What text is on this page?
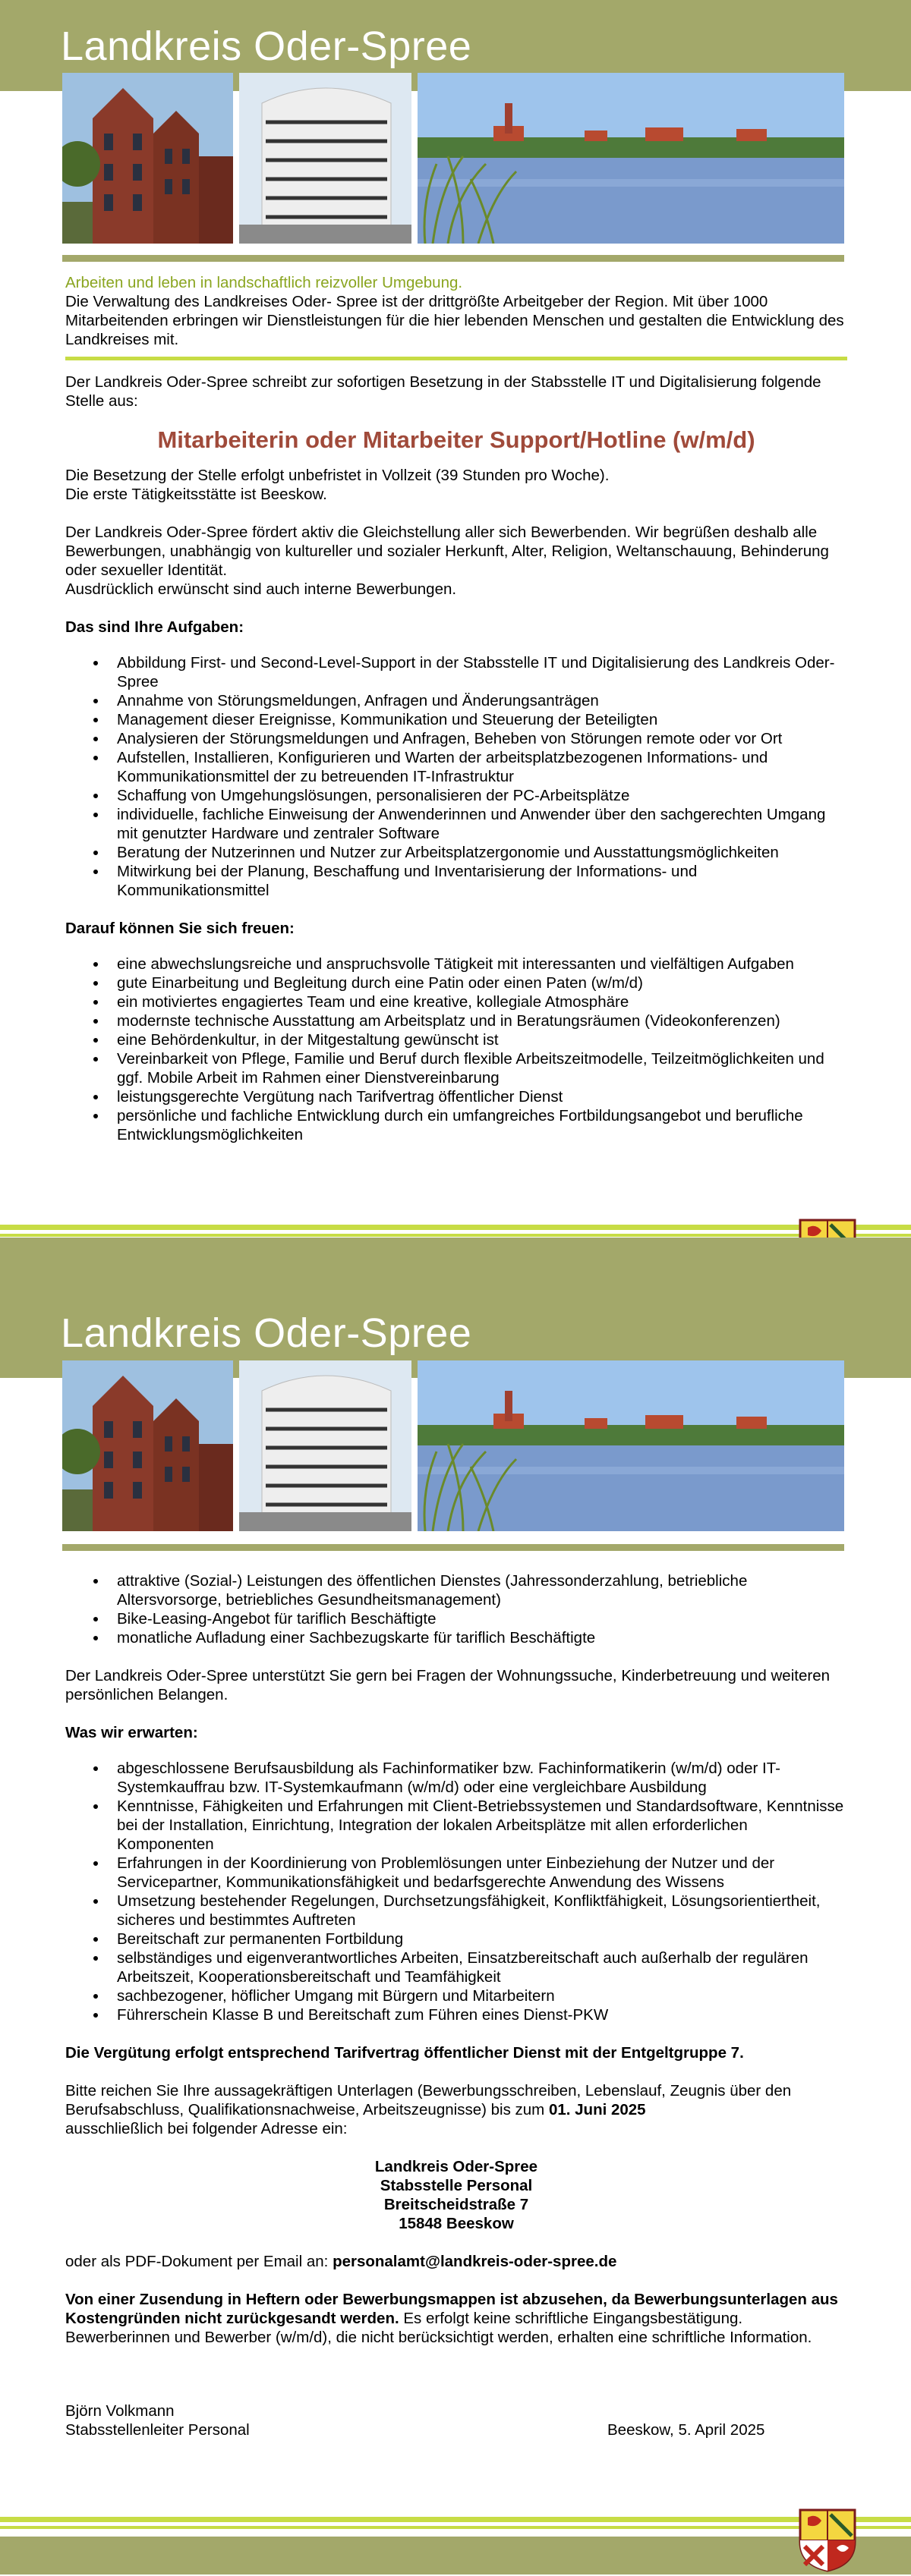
Landkreis Oder-Spree

Arbeiten und leben in landschaftlich reizvoller Umgebung.

Die Verwaltung des Landkreises Oder- Spree ist der drittgrößte Arbeitgeber der Region. Mit über 1000 Mitarbeitenden erbringen wir Dienstleistungen für die hier lebenden Menschen und gestalten die Entwicklung des Landkreises mit.

Der Landkreis Oder-Spree schreibt zur sofortigen Besetzung in der Stabsstelle IT und Digitalisierung folgende Stelle aus:

Mitarbeiterin oder Mitarbeiter Support/Hotline (w/m/d)

Die Besetzung der Stelle erfolgt unbefristet in Vollzeit (39 Stunden pro Woche).

Die erste Tätigkeitsstätte ist Beeskow.

Der Landkreis Oder-Spree fördert aktiv die Gleichstellung aller sich Bewerbenden. Wir begrüßen deshalb alle Bewerbungen, unabhängig von kultureller und sozialer Herkunft, Alter, Religion, Weltanschauung, Behinderung oder sexueller Identität.

Ausdrücklich erwünscht sind auch interne Bewerbungen.

Das sind Ihre Aufgaben:
• Abbildung First- und Second-Level-Support in der Stabsstelle IT und Digitalisierung des Landkreis Oder-Spree
• Annahme von Störungsmeldungen, Anfragen und Änderungsanträgen
• Management dieser Ereignisse, Kommunikation und Steuerung der Beteiligten
• Analysieren der Störungsmeldungen und Anfragen, Beheben von Störungen remote oder vor Ort
• Aufstellen, Installieren, Konfigurieren und Warten der arbeitsplatzbezogenen Informations- und Kommunikationsmittel der zu betreuenden IT-Infrastruktur
• Schaffung von Umgehungslösungen, personalisieren der PC-Arbeitsplätze
• individuelle, fachliche Einweisung der Anwenderinnen und Anwender über den sachgerechten Umgang mit genutzter Hardware und zentraler Software
• Beratung der Nutzerinnen und Nutzer zur Arbeitsplatzergonomie und Ausstattungsmöglichkeiten
• Mitwirkung bei der Planung, Beschaffung und Inventarisierung der Informations- und Kommunikationsmittel
Darauf können Sie sich freuen:
• eine abwechslungsreiche und anspruchsvolle Tätigkeit mit interessanten und vielfältigen Aufgaben
• gute Einarbeitung und Begleitung durch eine Patin oder einen Paten (w/m/d)
• ein motiviertes engagiertes Team und eine kreative, kollegiale Atmosphäre
• modernste technische Ausstattung am Arbeitsplatz und in Beratungsräumen (Videokonferenzen)
• eine Behördenkultur, in der Mitgestaltung gewünscht ist
• Vereinbarkeit von Pflege, Familie und Beruf durch flexible Arbeitszeitmodelle, Teilzeitmöglichkeiten und ggf. Mobile Arbeit im Rahmen einer Dienstvereinbarung
• leistungsgerechte Vergütung nach Tarifvertrag öffentlicher Dienst
• persönliche und fachliche Entwicklung durch ein umfangreiches Fortbildungsangebot und berufliche Entwicklungsmöglichkeiten
Landkreis Oder-Spree
• attraktive (Sozial-) Leistungen des öffentlichen Dienstes (Jahressonderzahlung, betriebliche Altersvorsorge, betriebliches Gesundheitsmanagement)
• Bike-Leasing-Angebot für tariflich Beschäftigte
• monatliche Aufladung einer Sachbezugskarte für tariflich Beschäftigte

Der Landkreis Oder-Spree unterstützt Sie gern bei Fragen der Wohnungssuche, Kinderbetreuung und weiteren persönlichen Belangen.

Was wir erwarten:
• abgeschlossene Berufsausbildung als Fachinformatiker bzw. Fachinformatikerin (w/m/d) oder IT-Systemkauffrau bzw. IT-Systemkaufmann (w/m/d) oder eine vergleichbare Ausbildung
• Kenntnisse, Fähigkeiten und Erfahrungen mit Client-Betriebssystemen und Standardsoftware, Kenntnisse bei der Installation, Einrichtung, Integration der lokalen Arbeitsplätze mit allen erforderlichen Komponenten
• Erfahrungen in der Koordinierung von Problemlösungen unter Einbeziehung der Nutzer und der Servicepartner, Kommunikationsfähigkeit und bedarfsgerechte Anwendung des Wissens
• Umsetzung bestehender Regelungen, Durchsetzungsfähigkeit, Konfliktfähigkeit, Lösungsorientiertheit, sicheres und bestimmtes Auftreten
• Bereitschaft zur permanenten Fortbildung
• selbständiges und eigenverantwortliches Arbeiten, Einsatzbereitschaft auch außerhalb der regulären Arbeitszeit, Kooperationsbereitschaft und Teamfähigkeit
• sachbezogener, höflicher Umgang mit Bürgern und Mitarbeitern
• Führerschein Klasse B und Bereitschaft zum Führen eines Dienst-PKW

Die Vergütung erfolgt entsprechend Tarifvertrag öffentlicher Dienst mit der Entgeltgruppe 7.

Bitte reichen Sie Ihre aussagekräftigen Unterlagen (Bewerbungsschreiben, Lebenslauf, Zeugnis über den Berufsabschluss, Qualifikationsnachweise, Arbeitszeugnisse) bis zum 01. Juni 2025
ausschließlich bei folgender Adresse ein:

Landkreis Oder-Spree
Stabsstelle Personal
Breitscheidstraße 7
15848 Beeskow

oder als PDF-Dokument per Email an: personalamt@landkreis-oder-spree.de

Von einer Zusendung in Heftern oder Bewerbungsmappen ist abzusehen, da Bewerbungsunterlagen aus Kostengründen nicht zurückgesandt werden. Es erfolgt keine schriftliche Eingangsbestätigung. Bewerberinnen und Bewerber (w/m/d), die nicht berücksichtigt werden, erhalten eine schriftliche Information.

Björn Volkmann
Stabsstellenleiter Personal	Beeskow, 5. April 2025
